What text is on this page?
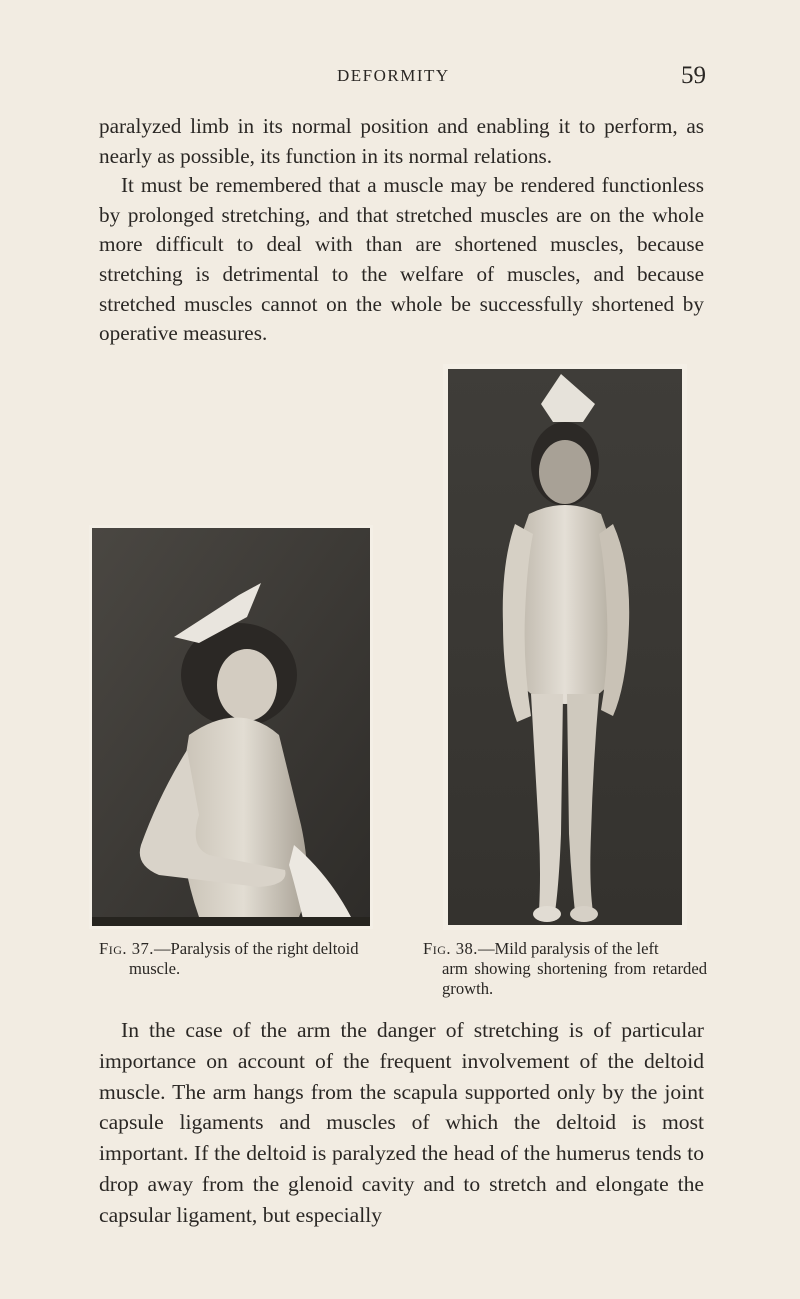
DEFORMITY	59
paralyzed limb in its normal position and enabling it to perform, as nearly as possible, its function in its normal relations.
It must be remembered that a muscle may be rendered functionless by prolonged stretching, and that stretched muscles are on the whole more difficult to deal with than are shortened muscles, because stretching is detrimental to the welfare of muscles, and because stretched muscles cannot on the whole be successfully shortened by operative measures.
Fig. 37.—Paralysis of the right deltoid
muscle.
Fig. 38.—Mild paralysis of the left
arm showing shortening from retarded growth.
In the case of the arm the danger of stretching is of particular importance on account of the frequent involvement of the deltoid muscle. The arm hangs from the scapula supported only by the joint capsule ligaments and muscles of which the deltoid is most important. If the deltoid is paralyzed the head of the humerus tends to drop away from the glenoid cavity and to stretch and elongate the capsular ligament, but especially
